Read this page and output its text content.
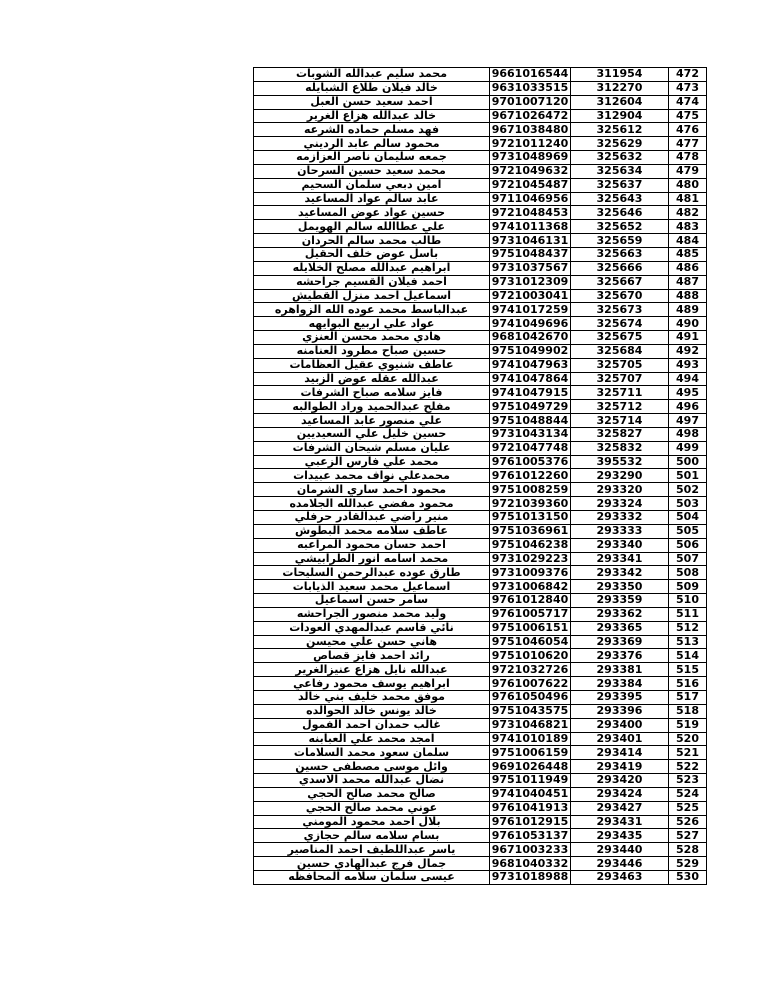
472	311954	9661016544	محمد سليم عبدالله الشوبات
473	312270	9631033515	خالد فيلان طلاع الشبايله
474	312604	9701007120	احمد سعيد حسن العبل
475	312904	9671026472	خالد عبدالله هزاع الغرير
476	325612	9671038480	فهد مسلم حماده الشرعه
477	325629	9721011240	محمود سالم عابد الرديني
478	325632	9731048969	جمعه سليمان ناصر العزازمه
479	325634	9721049632	محمد سعيد حسين السرحان
480	325637	9721045487	امين دبعي سلمان السحيم
481	325643	9711046956	عابد سالم عواد المساعيد
482	325646	9721048453	حسين عواد عوض المساعيد
483	325652	9741011368	علي عطاالله سالم الهويمل
484	325659	9731046131	طالب محمد سالم الحردان
485	325663	9751048437	باسل عوض خلف الحقيل
486	325666	9731037567	ابراهيم عبدالله مصلح الخلايله
487	325667	9731012309	احمد فيلان القسيم جراحشه
488	325670	9721003041	اسماعيل احمد منزل القطيش
489	325673	9741017259	عبدالباسط محمد عوده الله الزواهره
490	325674	9741049696	عواد علي اربيع البوايهه
491	325675	9681042670	هادي محمد محسن العنزي
492	325684	9751049902	حسين صباح مطرود العنامنه
493	325705	9741047963	عاطف شنيوي عقيل العظامات
494	325707	9741047864	عبدالله عقله عوض الزبيد
495	325711	9741047915	فايز سلامه صباح الشرفات
496	325712	9751049729	مفلح عبدالحميد وراد الطوالبه
497	325714	9751048844	علي منصور عابد المساعيد
498	325827	9731043134	حسين خليل علي السعيديين
499	325832	9721047748	عليان مسلم شيحان الشرفات
500	395532	9761005376	محمد علي فارس الزعبي
501	293290	9761012260	محمدعلي نواف محمد عبيدات
502	293320	9751008259	محمود احمد ساري الشرمان
503	293324	9721039360	محمود مفضي عبدالله الجلامده
504	293332	9751013150	منير راضي عبدالقادر حرفلي
505	293333	9751036961	عاطف سلامه محمد البطوش
506	293340	9751046238	احمد حسان محمود المراعبه
507	293341	9731029223	محمد اسامه انور الطرابيشي
508	293342	9731009376	طارق عوده عبدالرحمن السليحات
509	293350	9731006842	اسماعيل محمد سعيد الذيابات
510	293359	9761012840	سامر حسن اسماعيل
511	293362	9761005717	وليد محمد منصور الجراحشه
512	293365	9751006151	نائي قاسم عبدالمهدي العودات
513	293369	9751046054	هاني حسن علي محيسن
514	293376	9751010620	رائد احمد فايز قصاص
515	293381	9721032726	عبدالله نايل هزاع عنيزالغرير
516	293384	9761007622	ابراهيم يوسف محمود رفاعي
517	293395	9761050496	موفق محمد خليف بني خالد
518	293396	9751043575	خالد يونس خالد الحوالده
519	293400	9731046821	غالب حمدان احمد الفمول
520	293401	9741010189	امجد محمد علي العبابنه
521	293414	9751006159	سلمان سعود محمد السلامات
522	293419	9691026448	وائل موسى مصطفى حسين
523	293420	9751011949	نضال عبدالله محمد الاسدي
524	293424	9741040451	صالح محمد صالح الحجي
525	293427	9761041913	عوني محمد صالح الحجي
526	293431	9761012915	بلال احمد محمود المومني
527	293435	9761053137	بسام سلامه سالم حجازي
528	293440	9671003233	ياسر عبداللطيف احمد المناصير
529	293446	9681040332	جمال فرج عبدالهادي حسين
530	293463	9731018988	عيسى سلمان سلامه المحافظه
